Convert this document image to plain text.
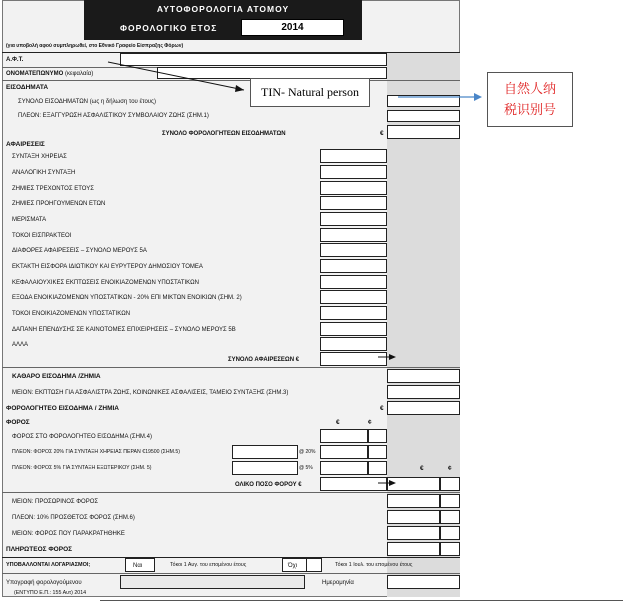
ΑΥΤΟΦΟΡΟΛΟΓΙΑ ΑΤΟΜΟΥ
ΦΟΡΟΛΟΓΙΚΟ ΕΤΟΣ	2014
(για υποβολή αφού συμπληρωθεί, στο Εθνικό Γραφείο Είσπραξης Φόρων)
Α.Φ.Τ.
ΟΝΟΜΑΤΕΠΩΝΥΜΟ (κεφαλαία)
ΕΙΣΟΔΗΜΑΤΑ
ΣΥΝΟΛΟ ΕΙΣΟΔΗΜΑΤΩΝ (ως η δήλωση του έτους)
ΠΛΕΟΝ: ΕΞΑΓΓΥΡΩΣΗ ΑΣΦΑΛΙΣΤΙΚΟΥ ΣΥΜΒΟΛΑΙΟΥ ΖΩΗΣ (ΣΗΜ.1)
ΣΥΝΟΛΟ ΦΟΡΟΛΟΓΗΤΕΩΝ ΕΙΣΟΔΗΜΑΤΩΝ	€
ΑΦΑΙΡΕΣΕΙΣ
ΣΥΝΤΑΞΗ ΧΗΡΕΙΑΣ
ΑΝΑΛΟΓΙΚΗ ΣΥΝΤΑΞΗ
ΖΗΜΙΕΣ ΤΡΕΧΟΝΤΟΣ ΕΤΟΥΣ
ΖΗΜΙΕΣ ΠΡΟΗΓΟΥΜΕΝΩΝ ΕΤΩΝ
ΜΕΡΙΣΜΑΤΑ
ΤΟΚΟΙ ΕΙΣΠΡΑΚΤΕΟΙ
ΔΙΑΦΟΡΕΣ ΑΦΑΙΡΕΣΕΙΣ – ΣΥΝΟΛΟ ΜΕΡΟΥΣ 5Α
ΕΚΤΑΚΤΗ ΕΙΣΦΟΡΑ ΙΔΙΩΤΙΚΟΥ ΚΑΙ ΕΥΡΥΤΕΡΟΥ ΔΗΜΟΣΙΟΥ ΤΟΜΕΑ
ΚΕΦΑΛΑΙΟΥΧΙΚΕΣ ΕΚΠΤΩΣΕΙΣ ΕΝΟΙΚΙΑΖΟΜΕΝΩΝ ΥΠΟΣΤΑΤΙΚΩΝ
ΕΞΟΔΑ ΕΝΟΙΚΙΑΖΟΜΕΝΩΝ ΥΠΟΣΤΑΤΙΚΩΝ - 20% ΕΠΙ ΜΙΚΤΩΝ ΕΝΟΙΚΙΩΝ (ΣΗΜ. 2)
ΤΟΚΟΙ ΕΝΟΙΚΙΑΖΟΜΕΝΩΝ ΥΠΟΣΤΑΤΙΚΩΝ
ΔΑΠΑΝΗ ΕΠΕΝΔΥΣΗΣ ΣΕ ΚΑΙΝΟΤΟΜΕΣ ΕΠΙΧΕΙΡΗΣΕΙΣ – ΣΥΝΟΛΟ ΜΕΡΟΥΣ 5Β
ΑΛΛΑ
ΣΥΝΟΛΟ ΑΦΑΙΡΕΣΕΩΝ €
ΚΑΘΑΡΟ ΕΙΣΟΔΗΜΑ /ΖΗΜΙΑ
ΜΕΙΟΝ: ΕΚΠΤΩΣΗ ΓΙΑ ΑΣΦΑΛΙΣΤΡΑ ΖΩΗΣ, ΚΟΙΝΩΝΙΚΕΣ ΑΣΦΑΛΙΣΕΙΣ, ΤΑΜΕΙΟ ΣΥΝΤΑΞΗΣ (ΣΗΜ.3)
ΦΟΡΟΛΟΓΗΤΕΟ ΕΙΣΟΔΗΜΑ / ΖΗΜΙΑ	€
ΦΟΡΟΣ	€	¢
ΦΟΡΟΣ ΣΤΟ ΦΟΡΟΛΟΓΗΤΕΟ ΕΙΣΟΔΗΜΑ (ΣΗΜ.4)
ΠΛΕΟΝ: ΦΟΡΟΣ 20% ΓΙΑ ΣΥΝΤΑΞΗ ΧΗΡΕΙΑΣ ΠΕΡΑΝ €19500 (ΣΗΜ.5)	@ 20%
ΠΛΕΟΝ: ΦΟΡΟΣ 5% ΓΙΑ ΣΥΝΤΑΞΗ ΕΞΩΤΕΡΙΚΟΥ (ΣΗΜ. 5)	@ 5%	€	¢
ΟΛΙΚΟ ΠΟΣΟ ΦΟΡΟΥ €
ΜΕΙΟΝ: ΠΡΟΣΩΡΙΝΟΣ ΦΟΡΟΣ
ΠΛΕΟΝ: 10% ΠΡΟΣΘΕΤΟΣ ΦΟΡΟΣ (ΣΗΜ.6)
ΜΕΙΟΝ: ΦΟΡΟΣ ΠΟΥ ΠΑΡΑΚΡΑΤΗΘΗΚΕ
ΠΛΗΡΩΤΕΟΣ ΦΟΡΟΣ
ΥΠΟΒΑΛΛΟΝΤΑΙ ΛΟΓΑΡΙΑΣΜΟΙ;	Ναι	Τόκοι 1 Αυγ. του επομένου έτους	Όχι	Τόκοι 1 Ιουλ. του επομένου έτους
Υπογραφή φορολογούμενου	Ημερομηνία
(ΕΝΤΥΠΟ Ε.Π.: 155 Αυτ) 2014
TIN- Natural person	自然人纳
税识别号
